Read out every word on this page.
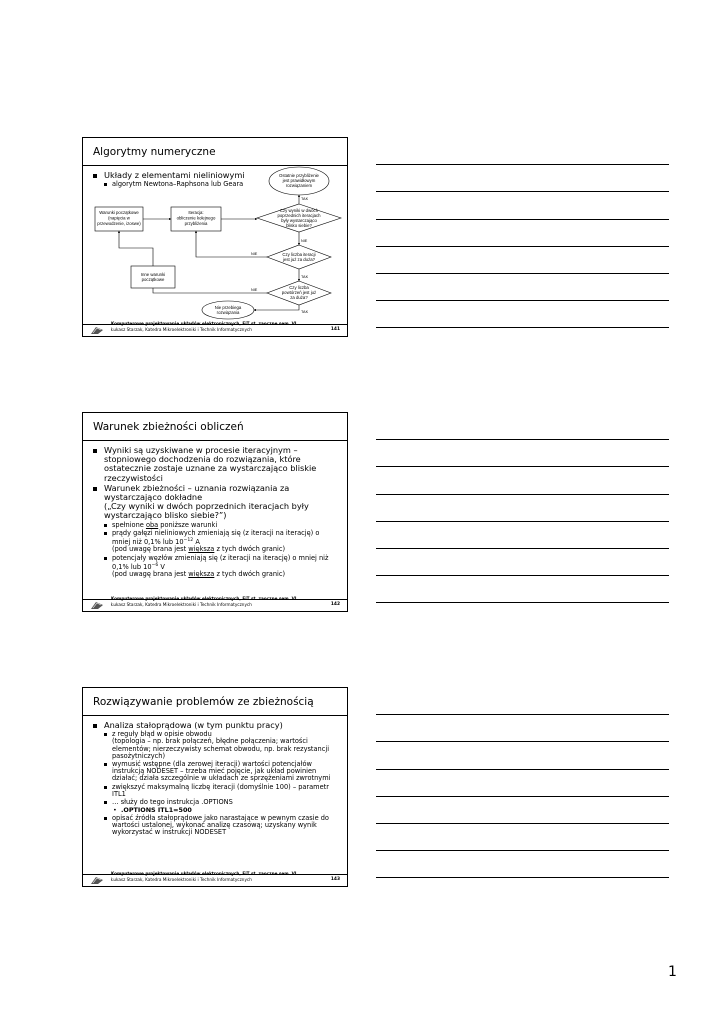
Algorytmy numeryczne
Układy z elementami nieliniowymi
algorytm Newtona–Raphsona lub Geara
Warunki początkowe
(napięcia w
przewodzenie, izoswe)
Iteracja:
obliczenie kolejnego
przybliżenia
Ostatnie przybliżenie
jest prawidłowym
rozwiązaniem
Czy wyniki w dwóch
poprzednich iteracjach
były wystarczająco
blisko siebie?
Czy liczba iteracji
jest już za duża?
Inne warunki
początkowe
Czy liczba
powtórzeń jest już
za duża?
Nie przebiega
rozwiązania
TAK
NIE
NIE
TAK
NIE
TAK
Komputerowe projektowanie układów elektronicznych, EiT st. zaoczne sem. VI
Łukasz Starzak, Katedra Mikroelektroniki i Technik Informatycznych	141
Warunek zbieżności obliczeń
Wyniki są uzyskiwane w procesie iteracyjnym – stopniowego dochodzenia do rozwiązania, które ostatecznie zostaje uznane za wystarczająco bliskie rzeczywistości
Warunek zbieżności – uznania rozwiązania za wystarczająco dokładne
(„Czy wyniki w dwóch poprzednich iteracjach były wystarczająco blisko siebie?”)
spełnione oba poniższe warunki
prądy gałęzi nieliniowych zmieniają się (z iteracji na iterację) o mniej niż 0,1% lub $10^{-12}$ A
(pod uwagę brana jest większa z tych dwóch granic)
potencjały węzłów zmieniają się (z iteracji na iterację) o mniej niż 0,1% lub $10^{-6}$ V
(pod uwagę brana jest większa z tych dwóch granic)
Komputerowe projektowanie układów elektronicznych, EiT st. zaoczne sem. VI
Łukasz Starzak, Katedra Mikroelektroniki i Technik Informatycznych	142
Rozwiązywanie problemów ze zbieżnością
Analiza stałoprądowa (w tym punktu pracy)
z reguły błąd w opisie obwodu
(topologia – np. brak połączeń, błędne połączenia; wartości elementów; nierzeczywisty schemat obwodu, np. brak rezystancji pasożytniczych)
wymusić wstępne (dla zerowej iteracji) wartości potencjałów instrukcją NODESET – trzeba mieć pojęcie, jak układ powinien działać; działa szczególnie w układach ze sprzężeniami zwrotnymi
zwiększyć maksymalną liczbę iteracji (domyślnie 100) – parametr ITL1
… służy do tego instrukcja .OPTIONS
• .OPTIONS ITL1=500
opisać źródła stałoprądowe jako narastające w pewnym czasie do wartości ustalonej, wykonać analizę czasową; uzyskany wynik wykorzystać w instrukcji NODESET
Komputerowe projektowanie układów elektronicznych, EiT st. zaoczne sem. VI
Łukasz Starzak, Katedra Mikroelektroniki i Technik Informatycznych	143
1
